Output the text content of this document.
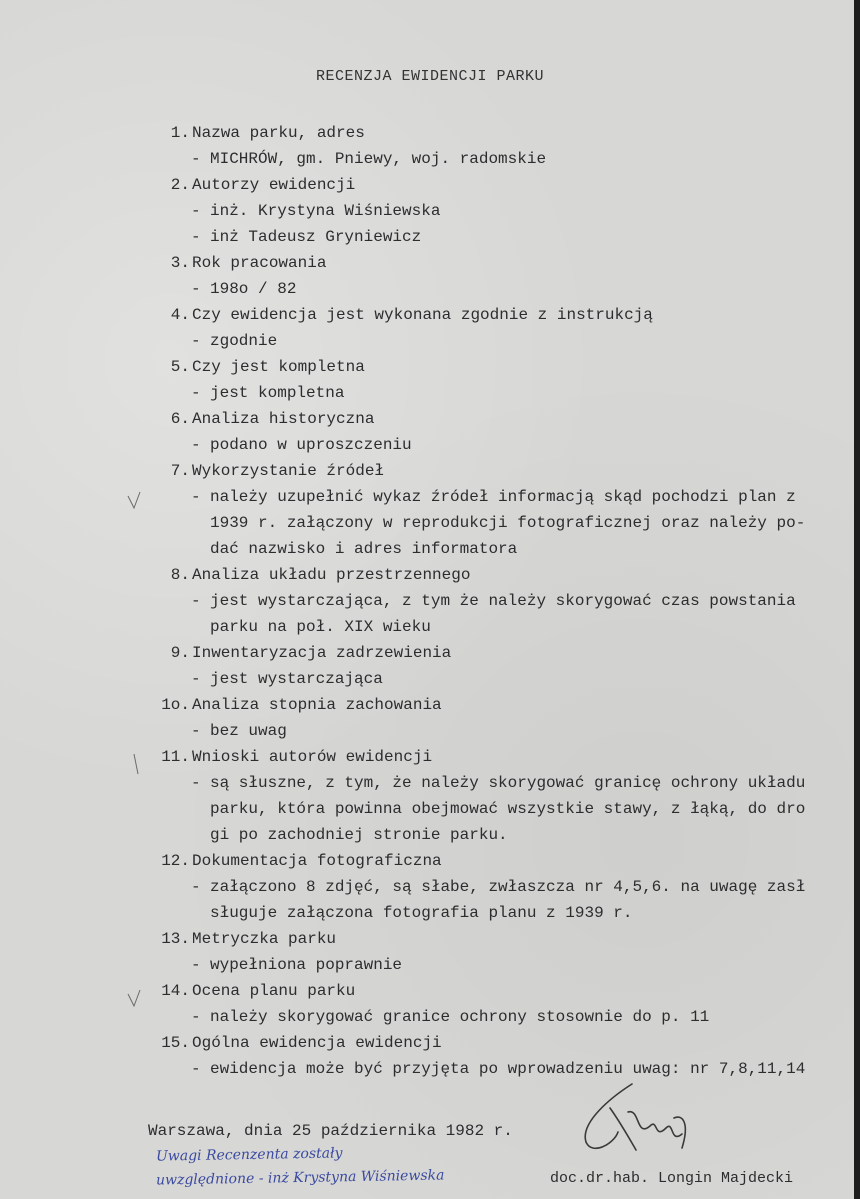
RECENZJA EWIDENCJI PARKU
1. Nazwa parku, adres
- MICHRÓW, gm. Pniewy, woj. radomskie
2. Autorzy ewidencji
- inż. Krystyna Wiśniewska
- inż Tadeusz Gryniewicz
3. Rok pracowania
- 198o / 82
4. Czy ewidencja jest wykonana zgodnie z instrukcją
- zgodnie
5. Czy jest kompletna
- jest kompletna
6. Analiza historyczna
- podano w uproszczeniu
7. Wykorzystanie źródeł
- należy uzupełnić wykaz źródeł informacją skąd pochodzi plan z
1939 r. załączony w reprodukcji fotograficznej oraz należy po-
dać nazwisko i adres informatora
8. Analiza układu przestrzennego
- jest wystarczająca, z tym że należy skorygować czas powstania
parku na poł. XIX wieku
9. Inwentaryzacja zadrzewienia
- jest wystarczająca
1o. Analiza stopnia zachowania
- bez uwag
11. Wnioski autorów ewidencji
- są słuszne, z tym, że należy skorygować granicę ochrony układu
parku, która powinna obejmować wszystkie stawy, z łąką, do dro
gi po zachodniej stronie parku.
12. Dokumentacja fotograficzna
- załączono 8 zdjęć, są słabe, zwłaszcza nr 4,5,6. na uwagę zasł
sługuje załączona fotografia planu z 1939 r.
13. Metryczka parku
- wypełniona poprawnie
14. Ocena planu parku
- należy skorygować granice ochrony stosownie do p. 11
15. Ogólna ewidencja ewidencji
- ewidencja może być przyjęta po wprowadzeniu uwag: nr 7,8,11,14
Warszawa, dnia 25 października 1982 r.
Uwagi Recenzenta zostały
uwzględnione - inż Krystyna Wiśniewska	doc.dr.hab. Longin Majdecki
